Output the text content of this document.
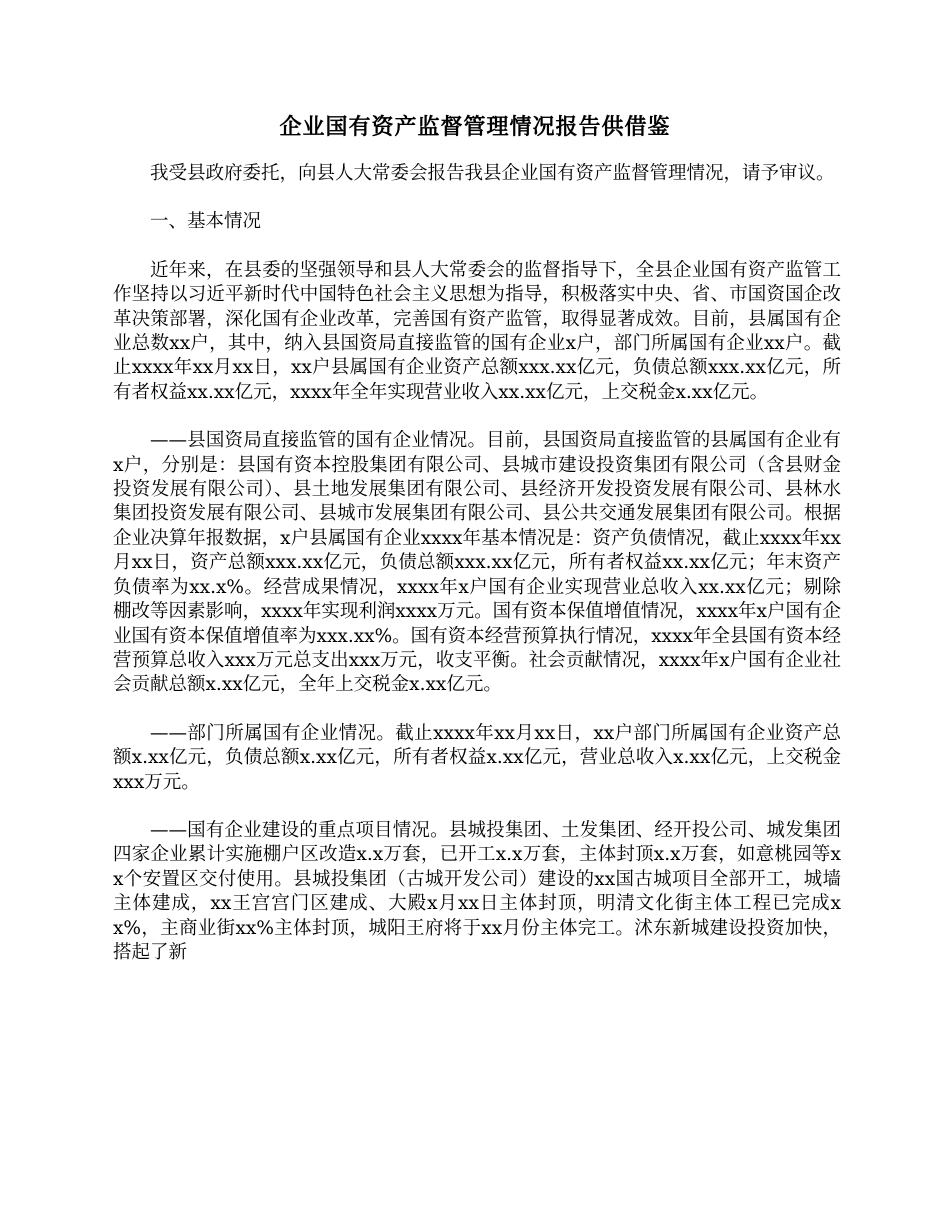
企业国有资产监督管理情况报告供借鉴

我受县政府委托，向县人大常委会报告我县企业国有资产监督管理情况，请予审议。

一、基本情况

近年来，在县委的坚强领导和县人大常委会的监督指导下，全县企业国有资产监管工作坚持以习近平新时代中国特色社会主义思想为指导，积极落实中央、省、市国资国企改革决策部署，深化国有企业改革，完善国有资产监管，取得显著成效。目前，县属国有企业总数xx户，其中，纳入县国资局直接监管的国有企业x户，部门所属国有企业xx户。截止xxxx年xx月xx日，xx户县属国有企业资产总额xxx.xx亿元，负债总额xxx.xx亿元，所有者权益xx.xx亿元，xxxx年全年实现营业收入xx.xx亿元，上交税金x.xx亿元。

——县国资局直接监管的国有企业情况。目前，县国资局直接监管的县属国有企业有x户，分别是：县国有资本控股集团有限公司、县城市建设投资集团有限公司（含县财金投资发展有限公司）、县土地发展集团有限公司、县经济开发投资发展有限公司、县林水集团投资发展有限公司、县城市发展集团有限公司、县公共交通发展集团有限公司。根据企业决算年报数据，x户县属国有企业xxxx年基本情况是：资产负债情况，截止xxxx年xx月xx日，资产总额xxx.xx亿元，负债总额xxx.xx亿元，所有者权益xx.xx亿元；年末资产负债率为xx.x%。经营成果情况，xxxx年x户国有企业实现营业总收入xx.xx亿元；剔除棚改等因素影响，xxxx年实现利润xxxx万元。国有资本保值增值情况，xxxx年x户国有企业国有资本保值增值率为xxx.xx%。国有资本经营预算执行情况，xxxx年全县国有资本经营预算总收入xxx万元总支出xxx万元，收支平衡。社会贡献情况，xxxx年x户国有企业社会贡献总额x.xx亿元，全年上交税金x.xx亿元。

——部门所属国有企业情况。截止xxxx年xx月xx日，xx户部门所属国有企业资产总额x.xx亿元，负债总额x.xx亿元，所有者权益x.xx亿元，营业总收入x.xx亿元，上交税金xxx万元。

——国有企业建设的重点项目情况。县城投集团、土发集团、经开投公司、城发集团四家企业累计实施棚户区改造x.x万套，已开工x.x万套，主体封顶x.x万套，如意桃园等xx个安置区交付使用。县城投集团（古城开发公司）建设的xx国古城项目全部开工，城墙主体建成，xx王宫宫门区建成、大殿x月xx日主体封顶，明清文化街主体工程已完成xx%，主商业街xx%主体封顶，城阳王府将于xx月份主体完工。沭东新城建设投资加快，搭起了新
